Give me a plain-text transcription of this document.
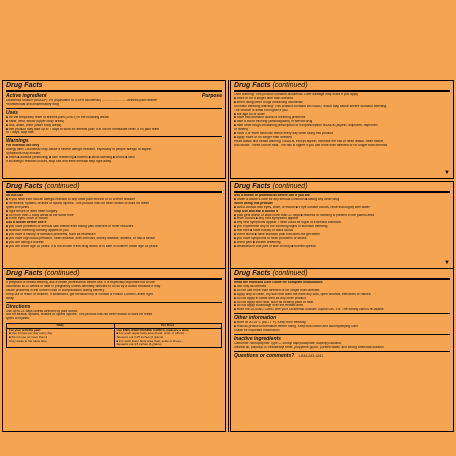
Drug Facts
Active ingredient	Purpose
Diclofenac sodium (NSAID*) 1% (equivalent to 0.93% diclofenac) ........................... Arthritis pain reliever
*nonsteroidal anti-inflammatory drug
Uses
■ for the temporary relief of arthritis pain (ONLY) in the following areas:
■ hand, wrist, elbow (upper body areas)
■ foot, ankle, knee (lower body areas)
■ this product may take up to 7 days to work for arthritis pain; it is not for immediate relief. If no pain relief
in 7 days, stop use.
Warnings
For external use only
Allergy alert: Diclofenac may cause a severe allergic reaction, especially in people allergic to aspirin.
Symptoms may include:
■ hives ■ asthma (wheezing) ■ skin reddening ■ blisters ■ facial swelling ■ shock ■ rash
If an allergic reaction occurs, stop use and seek medical help right away.
Drug Facts (continued)
Liver warning: This product contains diclofenac. Liver damage may occur if you apply
■ more or for a longer time than directed
■ when using other drugs containing diclofenac
Stomach bleeding warning: This product contains an NSAID, which may cause severe stomach bleeding.
The chance is small but higher if you
■ are age 60 or older
■ have had stomach ulcers or bleeding problems
■ take a blood thinning (anticoagulant) or steroid drug
■ take other drugs containing prescription or nonprescription NSAIDs (aspirin, ibuprofen, naproxen,
or others)
■ have 3 or more alcoholic drinks every day while using this product
■ apply more or for longer than directed
Heart attack and stroke warning: NSAIDs, except aspirin, increase the risk of heart attack, heart failure,
and stroke. These can be fatal. The risk is higher if you use more than directed or for longer than directed.
▼
Drug Facts (continued)
Do not use
■ if you have ever had an allergic reaction to any other pain reliever or to a fever reducer
■ for strains, sprains, bruises or sports injuries. This product has not been shown to work for these
types of injuries
■ right before or after heart surgery
■ on more than 2 body areas at the same time
■ in the eyes, nose or mouth
Ask a doctor before use if
■ you have problems or serious side effects from taking pain relievers or fever reducers
■ stomach bleeding warning applies to you
■ you have a history of stomach problems, such as heartburn
■ you have high blood pressure, heart disease, liver cirrhosis, kidney disease, asthma, or had a stroke
■ you are taking a diuretic
■ you are under age 18 years. It is not known if this drug works or is safe in children under age 18 years.
Drug Facts (continued)
Ask a doctor or pharmacist before use if you are
■ under a doctor's care for any serious condition ■ taking any other drug
When using this product
■ avoid contact with eyes, nose, or mouth ■ if eye contact occurs, rinse thoroughly with water
Stop use and ask a doctor if
■ pain gets worse or lasts more than 21 days ■ redness or swelling is present in the painful area
■ fever occurs ■ any new symptoms appear
■ any new symptoms appear. These could be signs of a serious condition.
■ you experience any of the following signs of stomach bleeding
■ feel faint ■ have bloody or black stools
■ vomit blood ■ have stomach pain that does not get better
■ you have symptoms of heart problems or stroke
■ chest pain ■ trouble breathing
■ weakness in one part or side of body ■ slurred speech
▼
Drug Facts (continued)
If pregnant or breast-feeding, ask a health professional before use. It is especially important not to use
diclofenac at 20 weeks or later in pregnancy unless definitely directed to do so by a doctor because it may
cause problems in the unborn child or complications during delivery.
Keep out of reach of children. If swallowed, get medical help or contact a Poison Control Center right
away.
Directions
Use up to 21 days unless directed by your doctor.
Not for strains, sprains, bruises or sports injuries. This product has not been shown to work for these
types of injuries.
Daily	Per Dose
For your arthritis pain:	Use ENCLOSED DOSING CARD to measure a dose
■ Use 4 times per day every day	■ For each upper body area (hand, wrist, or elbow) –
■ Do not use on more than 2	Squeeze out 2.25 inches (2 grams)
body areas at the same time	■ For each lower body area (foot, ankle or knee) –
Squeeze out 4.5 inches (4 grams)
Drug Facts (continued)
Read the enclosed User Guide for complete instructions:
■ use only as directed
■ do not use more than directed or for longer than directed
■ apply only to clean, dry skin that does not have any cuts, open wounds, infections or rashes
■ do not apply in same area as any other product
■ do not apply with heat, such as heating pads or heat
■ do not apply a bandage over the treated area
■ store the DOSING CARD with your Diclofenac Sodium Topical Gel, 1%. The dosing card is re-usable.
Other information
■ store at 20-25°C (68-77°F). Keep from freezing.
■ read all product information before using. Keep this carton and accompanying User
Guide for important information.
Inactive ingredients
Carbomer homopolymer Type C, cocoyl caprylocaprate, isopropyl alcohol,
mineral oil, polyoxyl 20 cetostearyl ether, propylene glycol, purified water, and strong ammonia solution
Questions or comments? 1-844-243-1241
